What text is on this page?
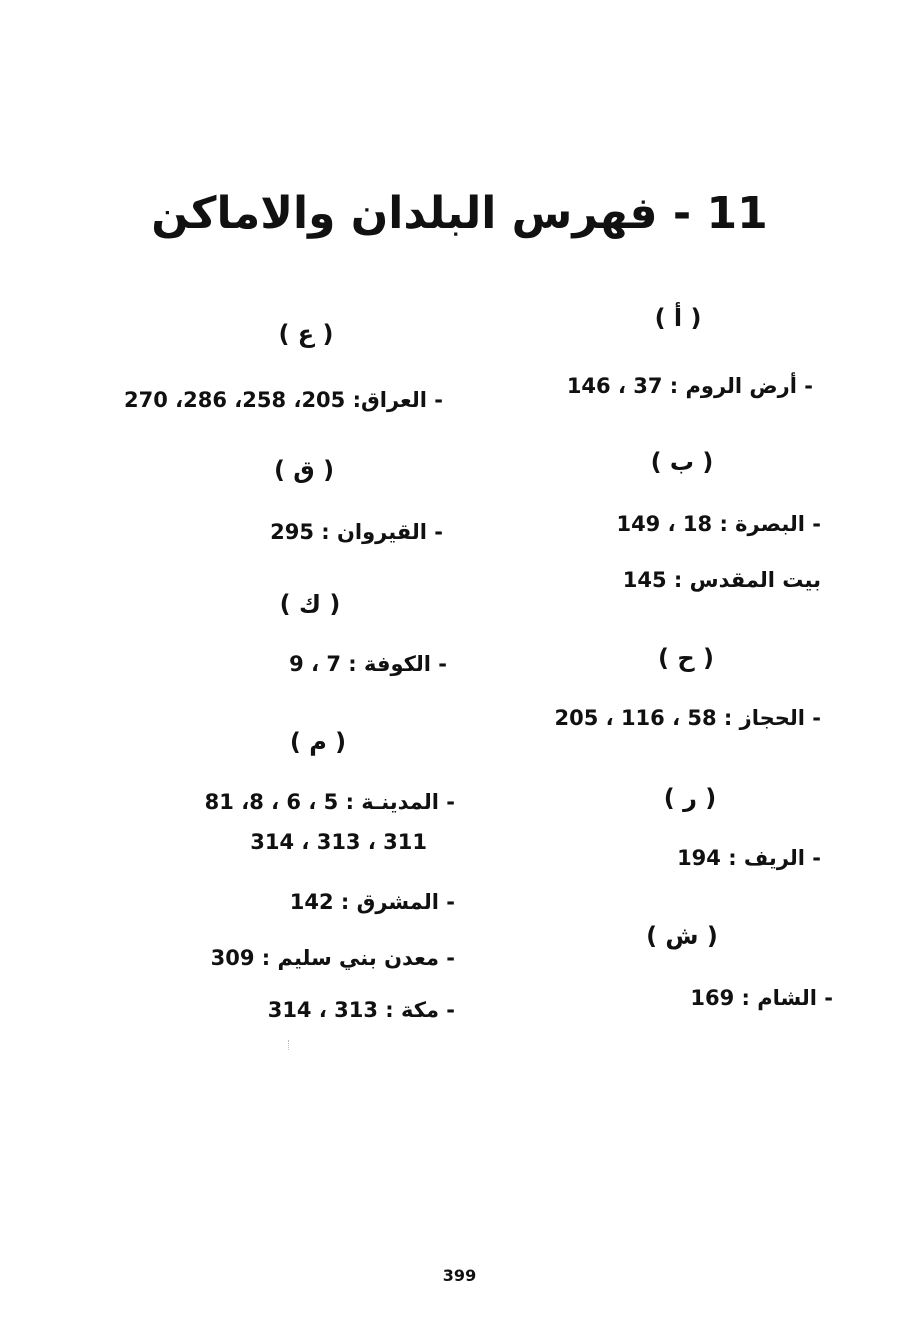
11 - فهرس البلدان والاماكن
( أ )
- أرض الروم : 37 ، 146
( ب )
- البصرة : 18 ، 149
بيت المقدس : 145
( ح )
- الحجاز : 58 ، 116 ، 205
( ر )
- الريف : 194
( ش )
- الشام : 169
( ع )
- العراق: 205، 258، 286، 270
( ق )
- القيروان : 295
( ك )
- الكوفة : 7 ، 9
( م )
- المدينـة : 5 ، 6 ، 8، 81
311 ، 313 ، 314
- المشرق : 142
- معدن بني سليم : 309
- مكة : 313 ، 314
399
